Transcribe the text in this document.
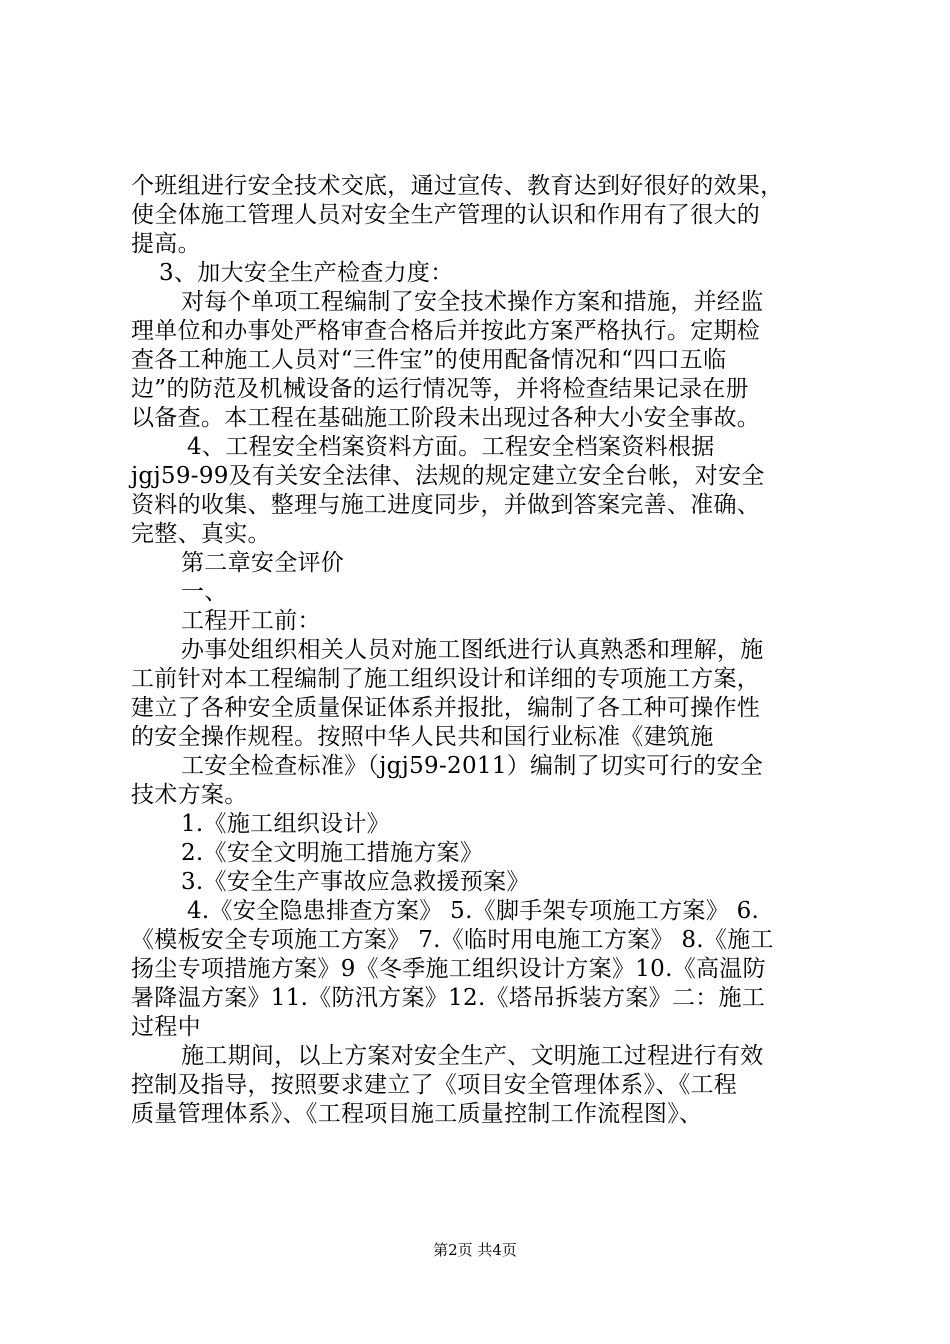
个班组进行安全技术交底，通过宣传、教育达到好很好的效果，
使全体施工管理人员对安全生产管理的认识和作用有了很大的
提高。
3、加大安全生产检查力度：
对每个单项工程编制了安全技术操作方案和措施，并经监
理单位和办事处严格审查合格后并按此方案严格执行。定期检
查各工种施工人员对“三件宝”的使用配备情况和“四口五临
边”的防范及机械设备的运行情况等，并将检查结果记录在册
以备查。本工程在基础施工阶段未出现过各种大小安全事故。
4、工程安全档案资料方面。工程安全档案资料根据
jgj59-99及有关安全法律、法规的规定建立安全台帐，对安全
资料的收集、整理与施工进度同步，并做到答案完善、准确、
完整、真实。
第二章安全评价
一、
工程开工前：
办事处组织相关人员对施工图纸进行认真熟悉和理解，施
工前针对本工程编制了施工组织设计和详细的专项施工方案，
建立了各种安全质量保证体系并报批，编制了各工种可操作性
的安全操作规程。按照中华人民共和国行业标准《建筑施
工安全检查标准》（jgj59-2011）编制了切实可行的安全
技术方案。
1.《施工组织设计》
2.《安全文明施工措施方案》
3.《安全生产事故应急救援预案》
4.《安全隐患排查方案》 5.《脚手架专项施工方案》 6.
《模板安全专项施工方案》 7.《临时用电施工方案》 8.《施工
扬尘专项措施方案》9《冬季施工组织设计方案》10.《高温防
暑降温方案》11.《防汛方案》12.《塔吊拆装方案》二：施工
过程中
施工期间，以上方案对安全生产、文明施工过程进行有效
控制及指导，按照要求建立了《项目安全管理体系》、《工程
质量管理体系》、《工程项目施工质量控制工作流程图》、
第2页 共4页
